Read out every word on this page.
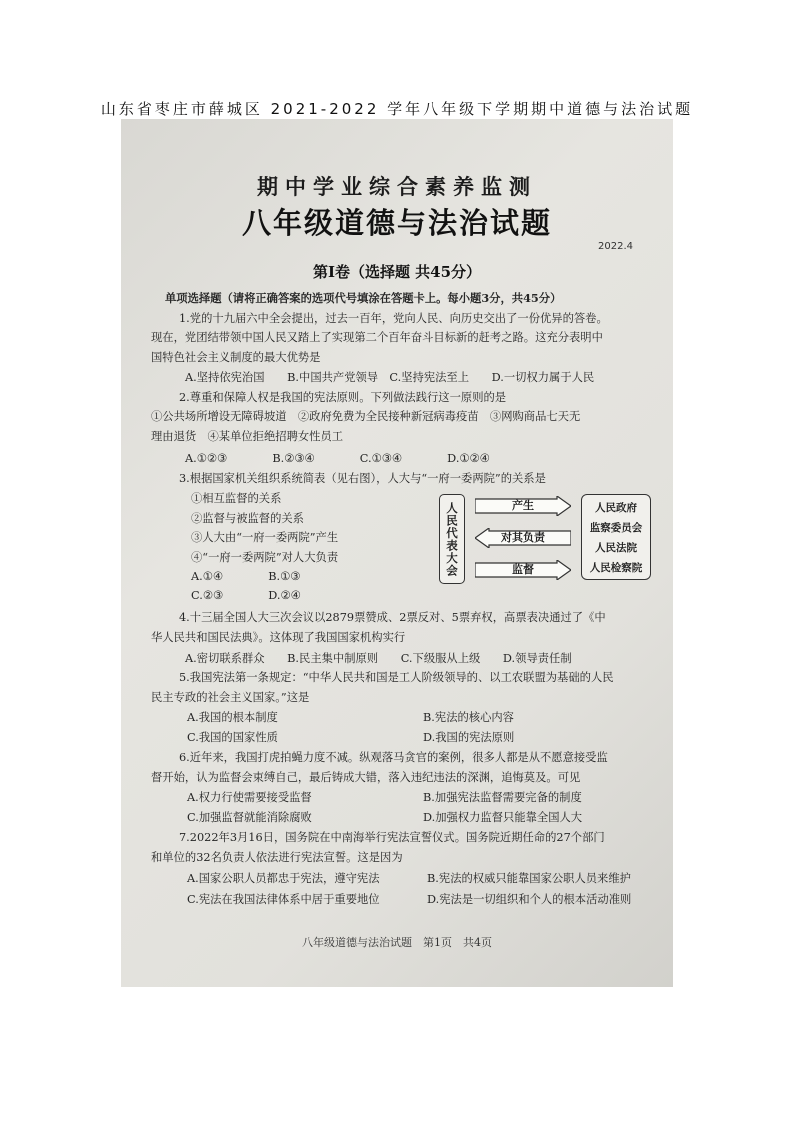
山东省枣庄市薛城区 2021-2022 学年八年级下学期期中道德与法治试题
期中学业综合素养监测
八年级道德与法治试题
2022.4
第Ⅰ卷（选择题 共45分）
单项选择题（请将正确答案的选项代号填涂在答题卡上。每小题3分，共45分）
1.党的十九届六中全会提出，过去一百年，党向人民、向历史交出了一份优异的答卷。
现在，党团结带领中国人民又踏上了实现第二个百年奋斗目标新的赶考之路。这充分表明中
国特色社会主义制度的最大优势是
A.坚持依宪治国　　B.中国共产党领导　C.坚持宪法至上　　D.一切权力属于人民
2.尊重和保障人权是我国的宪法原则。下列做法践行这一原则的是
①公共场所增设无障碍坡道　②政府免费为全民接种新冠病毒疫苗　③网购商品七天无
理由退货　④某单位拒绝招聘女性员工
A.①②③　　　　B.②③④　　　　C.①③④　　　　D.①②④
3.根据国家机关组织系统简表（见右图），人大与“一府一委两院”的关系是
①相互监督的关系
②监督与被监督的关系
③人大由“一府一委两院”产生
④“一府一委两院”对人大负责
A.①④　　　　B.①③
C.②③　　　　D.②④
人民代表大会	产生
对其负责
监督
人民政府
监察委员会
人民法院
人民检察院
4.十三届全国人大三次会议以2879票赞成、2票反对、5票弃权，高票表决通过了《中
华人民共和国民法典》。这体现了我国国家机构实行
A.密切联系群众　　B.民主集中制原则　　C.下级服从上级　　D.领导责任制
5.我国宪法第一条规定：“中华人民共和国是工人阶级领导的、以工农联盟为基础的人民
民主专政的社会主义国家。”这是
A.我国的根本制度	B.宪法的核心内容
C.我国的国家性质	D.我国的宪法原则
6.近年来，我国打虎拍蝇力度不减。纵观落马贪官的案例，很多人都是从不愿意接受监
督开始，认为监督会束缚自己，最后铸成大错，落入违纪违法的深渊，追悔莫及。可见
A.权力行使需要接受监督	B.加强宪法监督需要完备的制度
C.加强监督就能消除腐败	D.加强权力监督只能靠全国人大
7.2022年3月16日，国务院在中南海举行宪法宣誓仪式。国务院近期任命的27个部门
和单位的32名负责人依法进行宪法宣誓。这是因为
A.国家公职人员都忠于宪法，遵守宪法	B.宪法的权威只能靠国家公职人员来维护
C.宪法在我国法律体系中居于重要地位	D.宪法是一切组织和个人的根本活动准则
八年级道德与法治试题　第1页　共4页
